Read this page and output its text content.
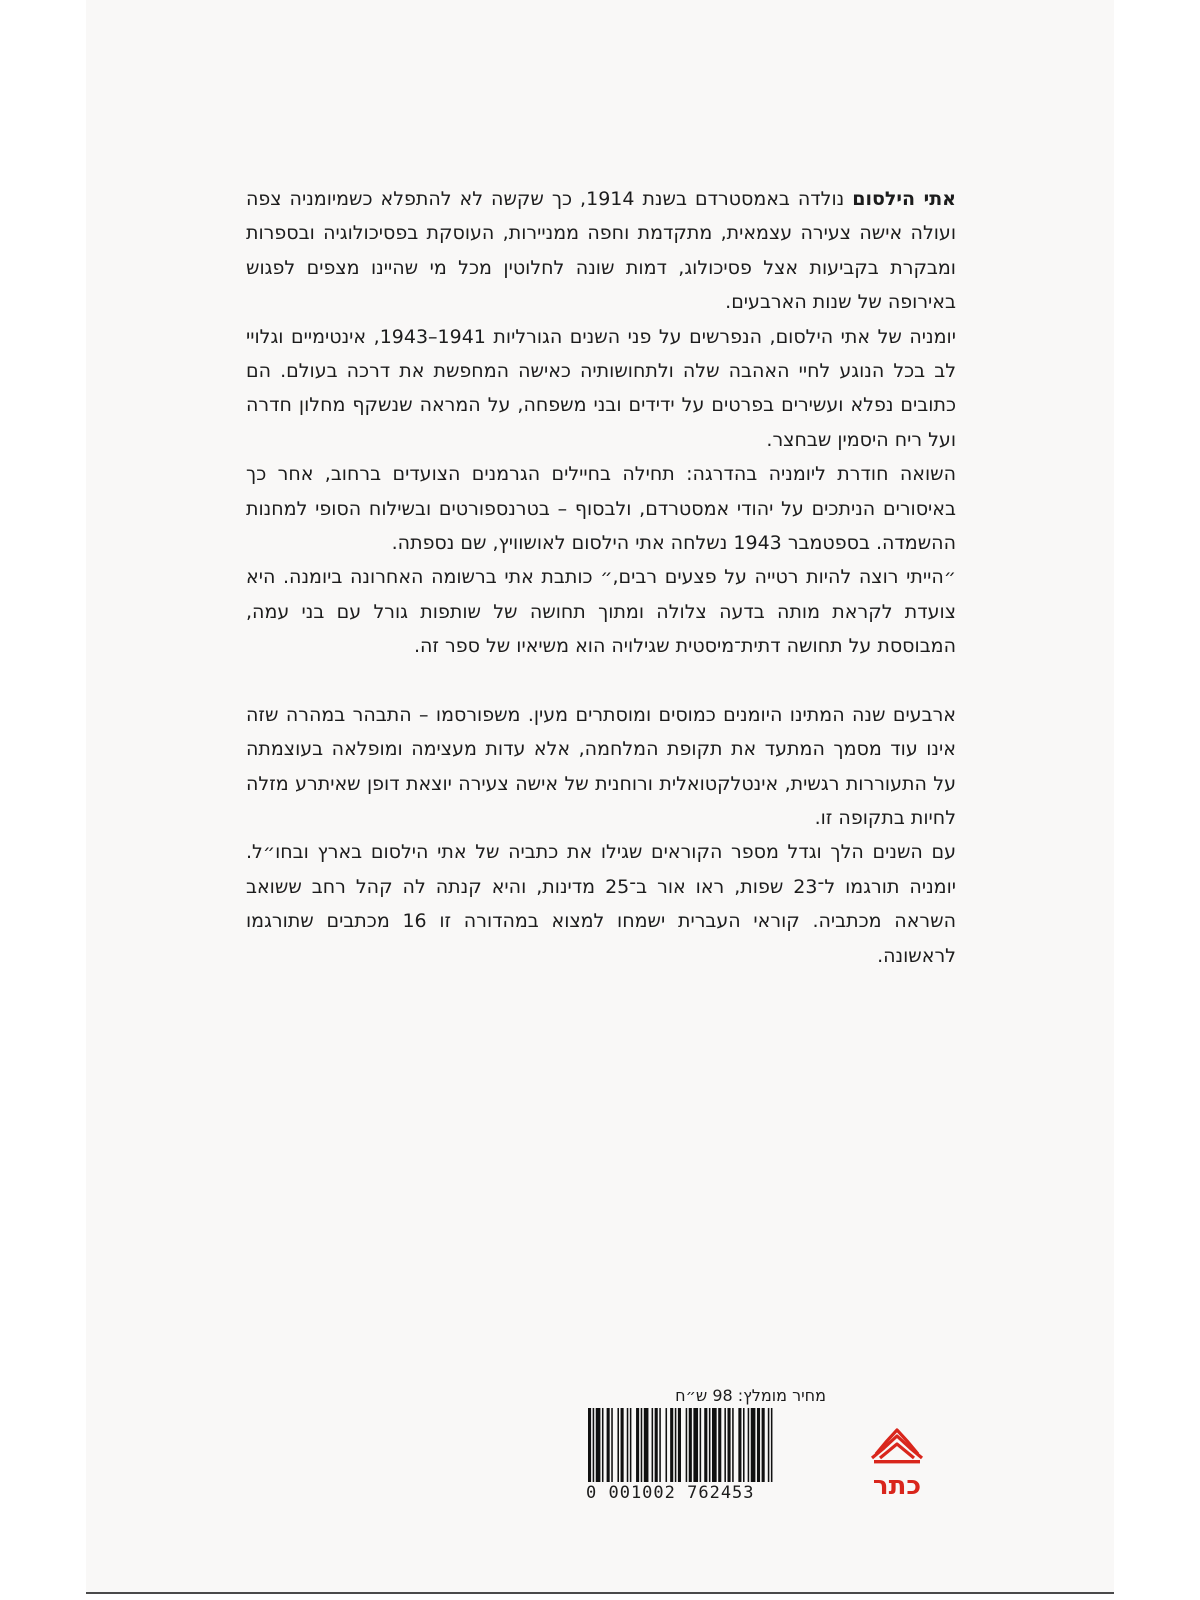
אתי הילסום נולדה באמסטרדם בשנת 1914, כך שקשה לא להתפלא כשמיומניה צפה ועולה אישה צעירה עצמאית, מתקדמת וחפה ממניירות, העוסקת בפסיכולוגיה ובספרות ומבקרת בקביעות אצל פסיכולוג, דמות שונה לחלוטין מכל מי שהיינו מצפים לפגוש באירופה של שנות הארבעים.

יומניה של אתי הילסום, הנפרשים על פני השנים הגורליות 1941–1943, אינטימיים וגלויי לב בכל הנוגע לחיי האהבה שלה ולתחושותיה כאישה המחפשת את דרכה בעולם. הם כתובים נפלא ועשירים בפרטים על ידידים ובני משפחה, על המראה שנשקף מחלון חדרה ועל ריח היסמין שבחצר.

השואה חודרת ליומניה בהדרגה: תחילה בחיילים הגרמנים הצועדים ברחוב, אחר כך באיסורים הניתכים על יהודי אמסטרדם, ולבסוף – בטרנספורטים ובשילוח הסופי למחנות ההשמדה. בספטמבר 1943 נשלחה אתי הילסום לאושוויץ, שם נספתה.

״הייתי רוצה להיות רטייה על פצעים רבים,״ כותבת אתי ברשומה האחרונה ביומנה. היא צועדת לקראת מותה בדעה צלולה ומתוך תחושה של שותפות גורל עם בני עמה, המבוססת על תחושה דתית־מיסטית שגילויה הוא משיאיו של ספר זה.

ארבעים שנה המתינו היומנים כמוסים ומוסתרים מעין. משפורסמו – התבהר במהרה שזה אינו עוד מסמך המתעד את תקופת המלחמה, אלא עדות מעצימה ומופלאה בעוצמתה על התעוררות רגשית, אינטלקטואלית ורוחנית של אישה צעירה יוצאת דופן שאיתרע מזלה לחיות בתקופה זו.

עם השנים הלך וגדל מספר הקוראים שגילו את כתביה של אתי הילסום בארץ ובחו״ל. יומניה תורגמו ל־23 שפות, ראו אור ב־25 מדינות, והיא קנתה לה קהל רחב ששואב השראה מכתביה. קוראי העברית ישמחו למצוא במהדורה זו 16 מכתבים שתורגמו לראשונה.

מחיר מומלץ: 98 ש״ח
0 001002 762453	כתר
